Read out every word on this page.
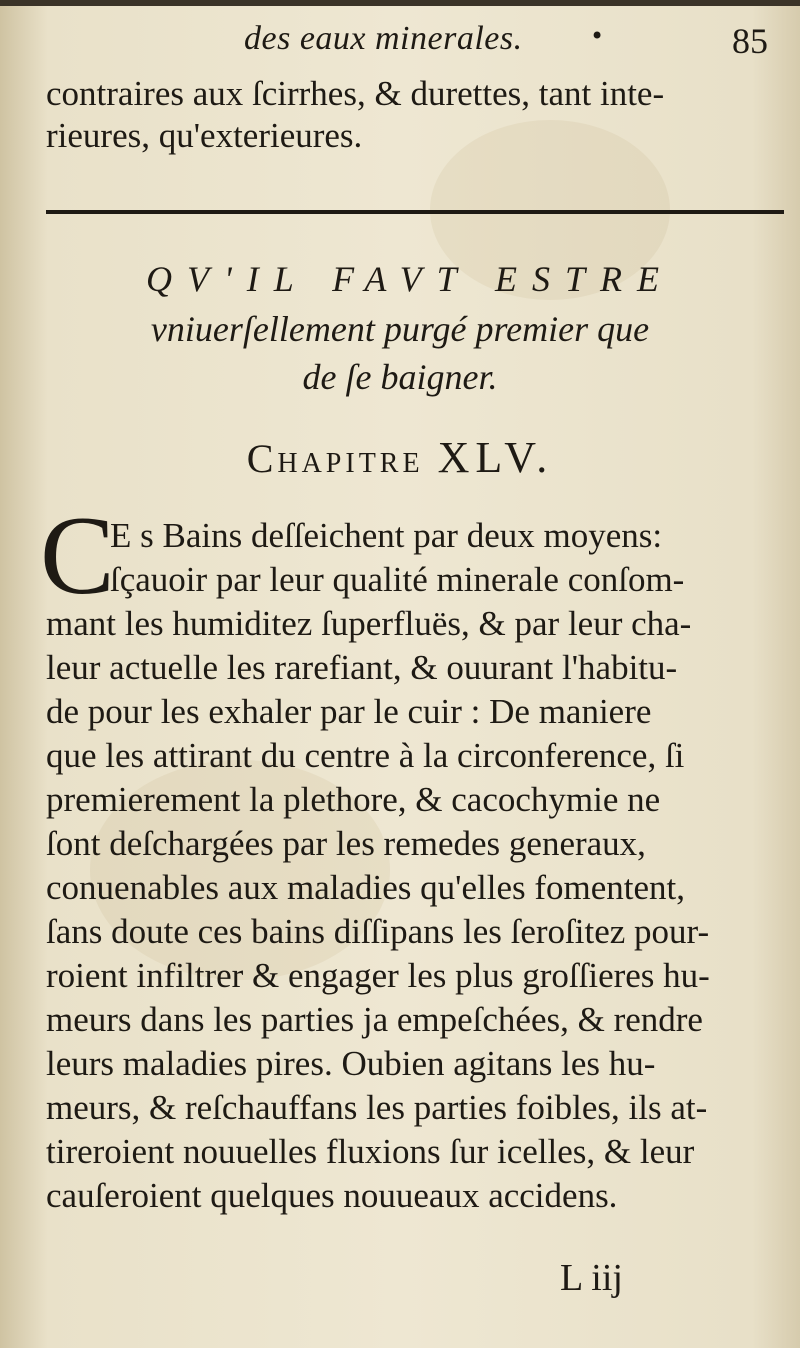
des eaux minerales.	•	85
contraires aux ſcirrhes, & durettes, tant inte-
rieures, qu'exterieures.
QV'IL FAVT ESTRE
vniuerſellement purgé premier que
de ſe baigner.
Chapitre XLV.
C
E s Bains deſſeichent par deux moyens:
ſçauoir par leur qualité minerale conſom-
mant les humiditez ſuperfluës, & par leur cha-
leur actuelle les rarefiant, & ouurant l'habitu-
de pour les exhaler par le cuir : De maniere
que les attirant du centre à la circonference, ſi
premierement la plethore, & cacochymie ne
ſont deſchargées par les remedes generaux,
conuenables aux maladies qu'elles fomentent,
ſans doute ces bains diſſipans les ſeroſitez pour-
roient infiltrer & engager les plus groſſieres hu-
meurs dans les parties ja empeſchées, & rendre
leurs maladies pires. Oubien agitans les hu-
meurs, & reſchauffans les parties foibles, ils at-
tireroient nouuelles fluxions ſur icelles, & leur
cauſeroient quelques nouueaux accidens.
L iij
